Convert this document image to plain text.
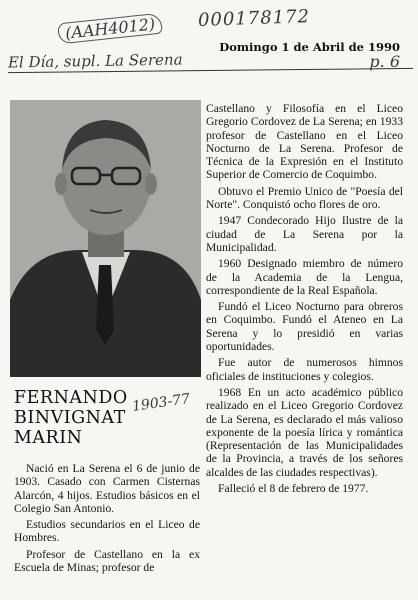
(AAH4012)	000178172
Domingo 1 de Abril de 1990
El Día, supl. La Serena	p. 6
FERNANDO
BINVIGNAT
MARIN
1903-77

Nació en La Serena el 6 de junio de 1903. Casado con Carmen Cisternas Alarcón, 4 hijos. Estudios básicos en el Colegio San Antonio.

Estudios secundarios en el Liceo de Hombres.

Profesor de Castellano en la ex Escuela de Minas; profesor de

Castellano y Filosofía en el Liceo Gregorio Cordovez de La Serena; en 1933 profesor de Castellano en el Liceo Nocturno de La Serena. Profesor de Técnica de la Expresión en el Instituto Superior de Comercio de Coquimbo.

Obtuvo el Premio Unico de "Poesía del Norte". Conquistó ocho flores de oro.

1947 Condecorado Hijo Ilustre de la ciudad de La Serena por la Municipalidad.

1960 Designado miembro de número de la Academia de la Lengua, correspondiente de la Real Española.

Fundó el Liceo Nocturno para obreros en Coquimbo. Fundó el Ateneo en La Serena y lo presidió en varias oportunidades.

Fue autor de numerosos himnos oficiales de instituciones y colegios.

1968 En un acto académico público realizado en el Liceo Gregorio Cordovez de La Serena, es declarado el más valioso exponente de la poesía lírica y romántica (Representación de las Municipalidades de la Provincia, a través de los señores alcaldes de las ciudades respectivas).

Falleció el 8 de febrero de 1977.
